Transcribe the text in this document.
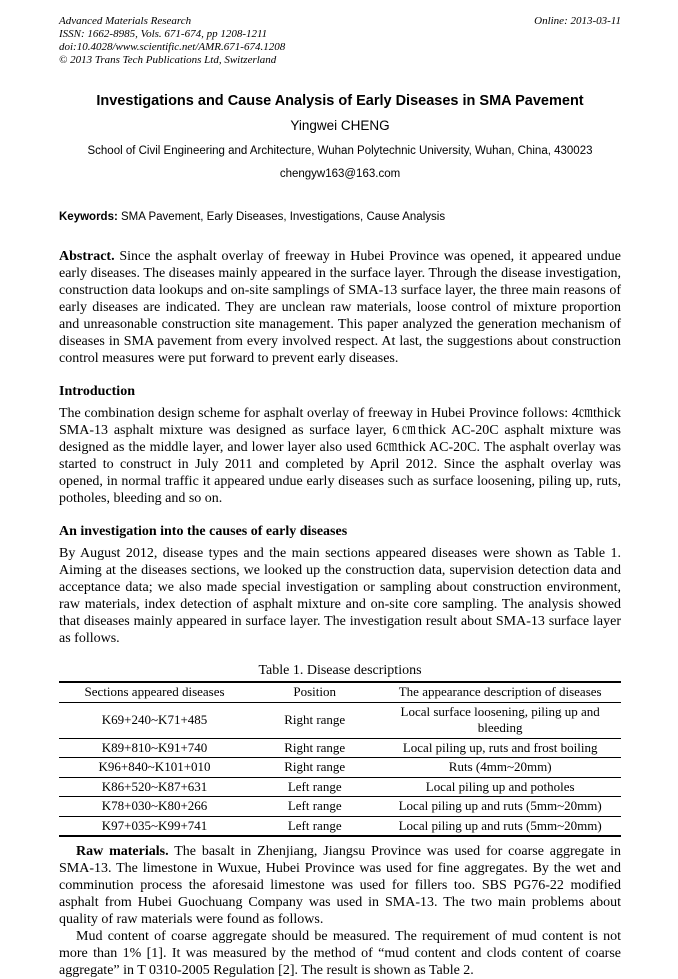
Advanced Materials Research
ISSN: 1662-8985, Vols. 671-674, pp 1208-1211
doi:10.4028/www.scientific.net/AMR.671-674.1208
© 2013 Trans Tech Publications Ltd, Switzerland
Online: 2013-03-11
Investigations and Cause Analysis of Early Diseases in SMA Pavement
Yingwei CHENG
School of Civil Engineering and Architecture, Wuhan Polytechnic University, Wuhan, China, 430023
chengyw163@163.com
Keywords: SMA Pavement, Early Diseases, Investigations, Cause Analysis

Abstract. Since the asphalt overlay of freeway in Hubei Province was opened, it appeared undue early diseases. The diseases mainly appeared in the surface layer. Through the disease investigation, construction data lookups and on-site samplings of SMA-13 surface layer, the three main reasons of early diseases are indicated. They are unclean raw materials, loose control of mixture proportion and unreasonable construction site management. This paper analyzed the generation mechanism of diseases in SMA pavement from every involved respect. At last, the suggestions about construction control measures were put forward to prevent early diseases.

Introduction

The combination design scheme for asphalt overlay of freeway in Hubei Province follows: 4㎝thick SMA-13 asphalt mixture was designed as surface layer, 6㎝thick AC-20C asphalt mixture was designed as the middle layer, and lower layer also used 6㎝thick AC-20C. The asphalt overlay was started to construct in July 2011 and completed by April 2012. Since the asphalt overlay was opened, in normal traffic it appeared undue early diseases such as surface loosening, piling up, ruts, potholes, bleeding and so on.

An investigation into the causes of early diseases

By August 2012, disease types and the main sections appeared diseases were shown as Table 1. Aiming at the diseases sections, we looked up the construction data, supervision detection data and acceptance data; we also made special investigation or sampling about construction environment, raw materials, index detection of asphalt mixture and on-site core sampling. The analysis showed that diseases mainly appeared in surface layer. The investigation result about SMA-13 surface layer as follows.

Table 1. Disease descriptions
Sections appeared diseases	Position	The appearance description of diseases
K69+240~K71+485	Right range	Local surface loosening, piling up and bleeding
K89+810~K91+740	Right range	Local piling up, ruts and frost boiling
K96+840~K101+010	Right range	Ruts (4mm~20mm)
K86+520~K87+631	Left range	Local piling up and potholes
K78+030~K80+266	Left range	Local piling up and ruts (5mm~20mm)
K97+035~K99+741	Left range	Local piling up and ruts (5mm~20mm)

Raw materials. The basalt in Zhenjiang, Jiangsu Province was used for coarse aggregate in SMA-13. The limestone in Wuxue, Hubei Province was used for fine aggregates. By the wet and comminution process the aforesaid limestone was used for fillers too. SBS PG76-22 modified asphalt from Hubei Guochuang Company was used in SMA-13. The two main problems about quality of raw materials were found as follows.

Mud content of coarse aggregate should be measured. The requirement of mud content is not more than 1% [1]. It was measured by the method of “mud content and clods content of coarse aggregate” in T 0310-2005 Regulation [2]. The result is shown as Table 2.
